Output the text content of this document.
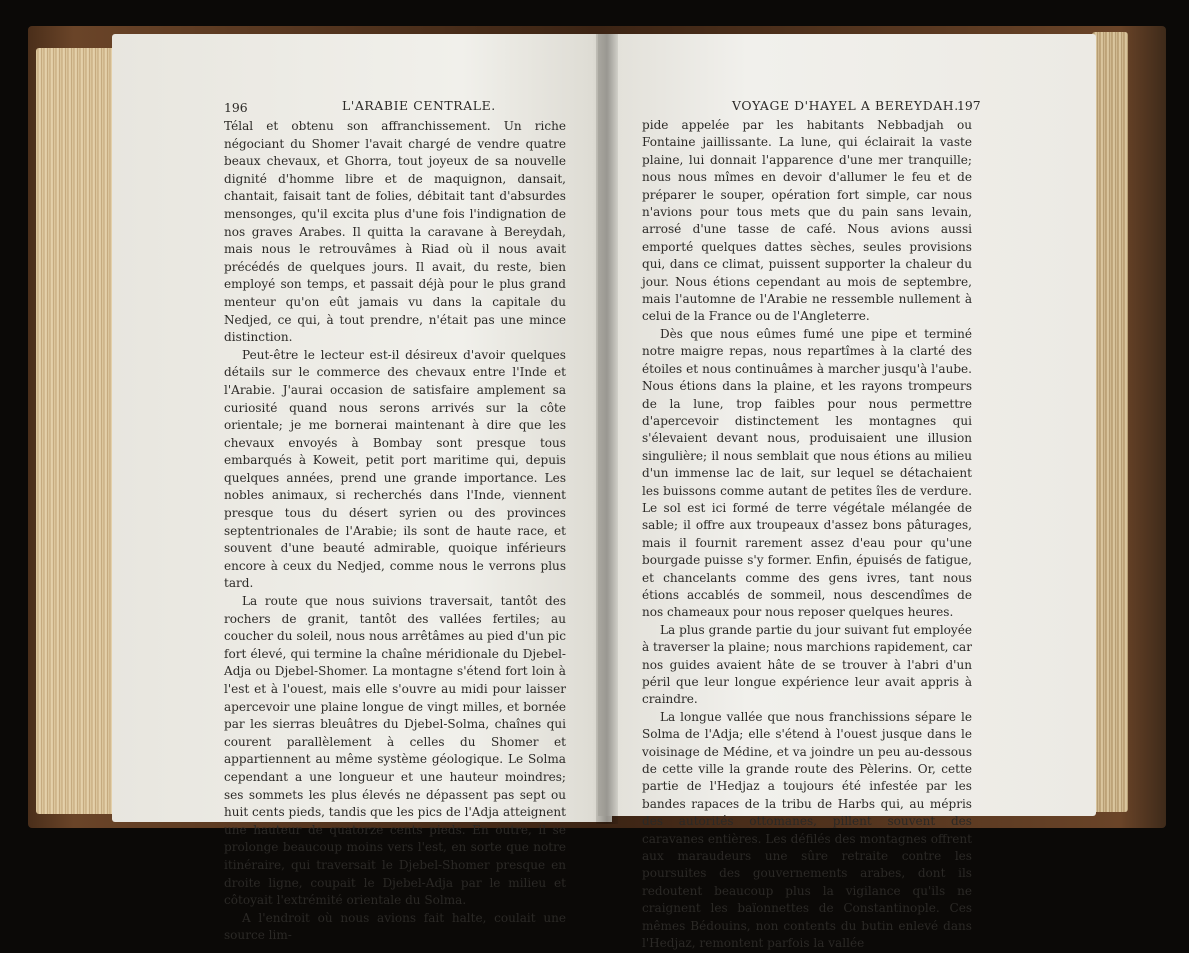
196	L'ARABIE CENTRALE.	VOYAGE D'HAYEL A BEREYDAH.
197

Télal et obtenu son affranchissement. Un riche négociant du Shomer l'avait chargé de vendre quatre beaux chevaux, et Ghorra, tout joyeux de sa nouvelle dignité d'homme libre et de maquignon, dansait, chantait, faisait tant de folies, débitait tant d'absurdes mensonges, qu'il excita plus d'une fois l'indignation de nos graves Arabes. Il quitta la caravane à Bereydah, mais nous le retrouvâmes à Riad où il nous avait précédés de quelques jours. Il avait, du reste, bien employé son temps, et passait déjà pour le plus grand menteur qu'on eût jamais vu dans la capitale du Nedjed, ce qui, à tout prendre, n'était pas une mince distinction.

Peut-être le lecteur est-il désireux d'avoir quelques détails sur le commerce des chevaux entre l'Inde et l'Arabie. J'aurai occasion de satisfaire amplement sa curiosité quand nous serons arrivés sur la côte orientale; je me bornerai maintenant à dire que les chevaux envoyés à Bombay sont presque tous embarqués à Koweit, petit port maritime qui, depuis quelques années, prend une grande importance. Les nobles animaux, si recherchés dans l'Inde, viennent presque tous du désert syrien ou des provinces septentrionales de l'Arabie; ils sont de haute race, et souvent d'une beauté admirable, quoique inférieurs encore à ceux du Nedjed, comme nous le verrons plus tard.

La route que nous suivions traversait, tantôt des rochers de granit, tantôt des vallées fertiles; au coucher du soleil, nous nous arrêtâmes au pied d'un pic fort élevé, qui termine la chaîne méridionale du Djebel-Adja ou Djebel-Shomer. La montagne s'étend fort loin à l'est et à l'ouest, mais elle s'ouvre au midi pour laisser apercevoir une plaine longue de vingt milles, et bornée par les sierras bleuâtres du Djebel-Solma, chaînes qui courent parallèlement à celles du Shomer et appartiennent au même système géologique. Le Solma cependant a une longueur et une hauteur moindres; ses sommets les plus élevés ne dépassent pas sept ou huit cents pieds, tandis que les pics de l'Adja atteignent une hauteur de quatorze cents pieds. En outre, il se prolonge beaucoup moins vers l'est, en sorte que notre itinéraire, qui traversait le Djebel-Shomer presque en droite ligne, coupait le Djebel-Adja par le milieu et côtoyait l'extrémité orientale du Solma.

A l'endroit où nous avions fait halte, coulait une source lim-

pide appelée par les habitants Nebbadjah ou Fontaine jaillissante. La lune, qui éclairait la vaste plaine, lui donnait l'apparence d'une mer tranquille; nous nous mîmes en devoir d'allumer le feu et de préparer le souper, opération fort simple, car nous n'avions pour tous mets que du pain sans levain, arrosé d'une tasse de café. Nous avions aussi emporté quelques dattes sèches, seules provisions qui, dans ce climat, puissent supporter la chaleur du jour. Nous étions cependant au mois de septembre, mais l'automne de l'Arabie ne ressemble nullement à celui de la France ou de l'Angleterre.

Dès que nous eûmes fumé une pipe et terminé notre maigre repas, nous repartîmes à la clarté des étoiles et nous continuâmes à marcher jusqu'à l'aube. Nous étions dans la plaine, et les rayons trompeurs de la lune, trop faibles pour nous permettre d'apercevoir distinctement les montagnes qui s'élevaient devant nous, produisaient une illusion singulière; il nous semblait que nous étions au milieu d'un immense lac de lait, sur lequel se détachaient les buissons comme autant de petites îles de verdure. Le sol est ici formé de terre végétale mélangée de sable; il offre aux troupeaux d'assez bons pâturages, mais il fournit rarement assez d'eau pour qu'une bourgade puisse s'y former. Enfin, épuisés de fatigue, et chancelants comme des gens ivres, tant nous étions accablés de sommeil, nous descendîmes de nos chameaux pour nous reposer quelques heures.

La plus grande partie du jour suivant fut employée à traverser la plaine; nous marchions rapidement, car nos guides avaient hâte de se trouver à l'abri d'un péril que leur longue expérience leur avait appris à craindre.

La longue vallée que nous franchissions sépare le Solma de l'Adja; elle s'étend à l'ouest jusque dans le voisinage de Médine, et va joindre un peu au-dessous de cette ville la grande route des Pèlerins. Or, cette partie de l'Hedjaz a toujours été infestée par les bandes rapaces de la tribu de Harbs qui, au mépris des autorités ottomanes, pillent souvent des caravanes entières. Les défilés des montagnes offrent aux maraudeurs une sûre retraite contre les poursuites des gouvernements arabes, dont ils redoutent beaucoup plus la vigilance qu'ils ne craignent les baïonnettes de Constantinople. Ces mêmes Bédouins, non contents du butin enlevé dans l'Hedjaz, remontent parfois la vallée
